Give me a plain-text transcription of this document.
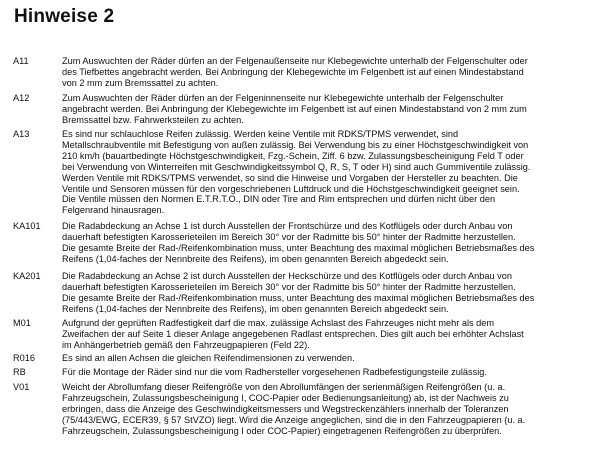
Hinweise 2
A11	Zum Auswuchten der Räder dürfen an der Felgenaußenseite nur Klebegewichte unterhalb der Felgenschulter oder
des Tiefbettes angebracht werden. Bei Anbringung der Klebegewichte im Felgenbett ist auf einen Mindestabstand
von 2 mm zum Bremssattel zu achten.

A12	Zum Auswuchten der Räder dürfen an der Felgeninnenseite nur Klebegewichte unterhalb der Felgenschulter
angebracht werden. Bei Anbringung der Klebegewichte im Felgenbett ist auf einen Mindestabstand von 2 mm zum
Bremssattel bzw. Fahrwerksteilen zu achten.

A13	Es sind nur schlauchlose Reifen zulässig. Werden keine Ventile mit RDKS/TPMS verwendet, sind
Metallschraubventile mit Befestigung von außen zulässig. Bei Verwendung bis zu einer Höchstgeschwindigkeit von
210 km/h (bauartbedingte Höchstgeschwindigkeit, Fzg.-Schein, Ziff. 6 bzw. Zulassungsbescheinigung Feld T oder
bei Verwendung von Winterreifen mit Geschwindigkeitssymbol Q, R, S, T oder H) sind auch Gummiventile zulässig.
Werden Ventile mit RDKS/TPMS verwendet, so sind die Hinweise und Vorgaben der Hersteller zu beachten. Die
Ventile und Sensoren müssen für den vorgeschriebenen Luftdruck und die Höchstgeschwindigkeit geeignet sein.
Die Ventile müssen den Normen E.T.R.T.O., DIN oder Tire and Rim entsprechen und dürfen nicht über den
Felgenrand hinausragen.

KA101 Die Radabdeckung an Achse 1 ist durch Ausstellen der Frontschürze und des Kotflügels oder durch Anbau von
dauerhaft befestigten Karosserieteilen im Bereich 30° vor der Radmitte bis 50° hinter der Radmitte herzustellen.
Die gesamte Breite der Rad-/Reifenkombination muss, unter Beachtung des maximal möglichen Betriebsmaßes des
Reifens (1,04-faches der Nennbreite des Reifens), im oben genannten Bereich abgedeckt sein.

KA201 Die Radabdeckung an Achse 2 ist durch Ausstellen der Heckschürze und des Kotflügels oder durch Anbau von
dauerhaft befestigten Karosserieteilen im Bereich 30° vor der Radmitte bis 50° hinter der Radmitte herzustellen.
Die gesamte Breite der Rad-/Reifenkombination muss, unter Beachtung des maximal möglichen Betriebsmaßes des
Reifens (1,04-faches der Nennbreite des Reifens), im oben genannten Bereich abgedeckt sein.

M01	Aufgrund der geprüften Radfestigkeit darf die max. zulässige Achslast des Fahrzeuges nicht mehr als dem
Zweifachen der auf Seite 1 dieser Anlage angegebenen Radlast entsprechen. Dies gilt auch bei erhöhter Achslast
im Anhängerbetrieb gemäß den Fahrzeugpapieren (Feld 22).

R016	Es sind an allen Achsen die gleichen Reifendimensionen zu verwenden.

RB	Für die Montage der Räder sind nur die vom Radhersteller vorgesehenen Radbefestigungsteile zulässig.

V01	Weicht der Abrollumfang dieser Reifengröße von den Abrollumfängen der serienmäßigen Reifengrößen (u. a.
Fahrzeugschein, Zulassungsbescheinigung I, COC-Papier oder Bedienungsanleitung) ab, ist der Nachweis zu
erbringen, dass die Anzeige des Geschwindigkeitsmessers und Wegstreckenzählers innerhalb der Toleranzen
(75/443/EWG, ECER39, § 57 StVZO) liegt. Wird die Anzeige angeglichen, sind die in den Fahrzeugpapieren (u. a.
Fahrzeugschein, Zulassungsbescheinigung I oder COC-Papier) eingetragenen Reifengrößen zu überprüfen.
